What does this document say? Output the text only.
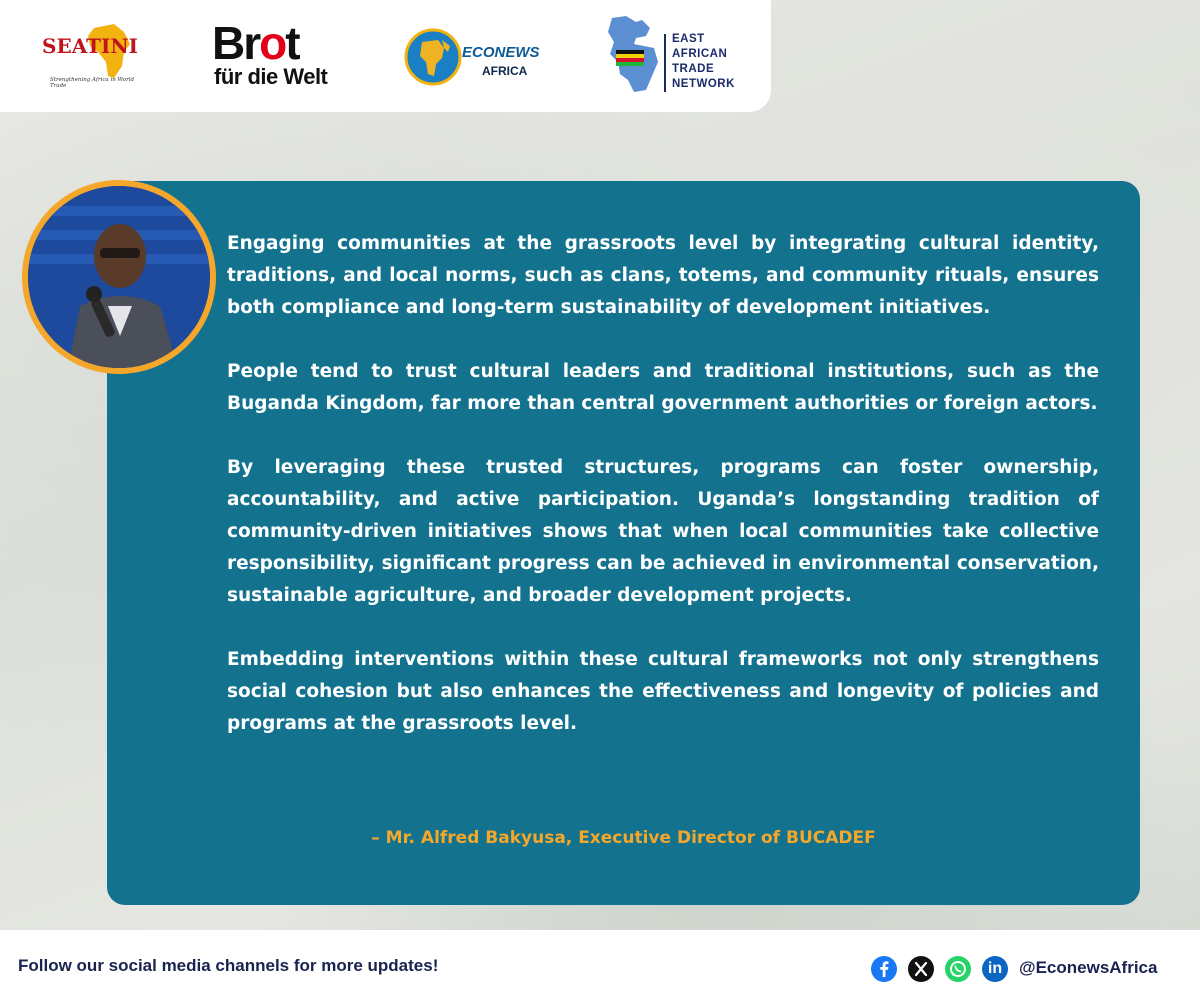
SEATINI
Strengthening Africa in World Trade
Brot
für die Welt
ECONEWS
AFRICA
EAST
AFRICAN
TRADE
NETWORK

Engaging communities at the grassroots level by integrating cultural identity, traditions, and local norms, such as clans, totems, and community rituals, ensures both compliance and long-term sustainability of development initiatives.

People tend to trust cultural leaders and traditional institutions, such as the Buganda Kingdom, far more than central government authorities or foreign actors.

By leveraging these trusted structures, programs can foster ownership, accountability, and active participation. Uganda’s longstanding tradition of community-driven initiatives shows that when local communities take collective responsibility, significant progress can be achieved in environmental conservation, sustainable agriculture, and broader development projects.

Embedding interventions within these cultural frameworks not only strengthens social cohesion but also enhances the effectiveness and longevity of policies and programs at the grassroots level.

– Mr. Alfred Bakyusa, Executive Director of BUCADEF
Follow our social media channels for more updates!	in @EconewsAfrica
